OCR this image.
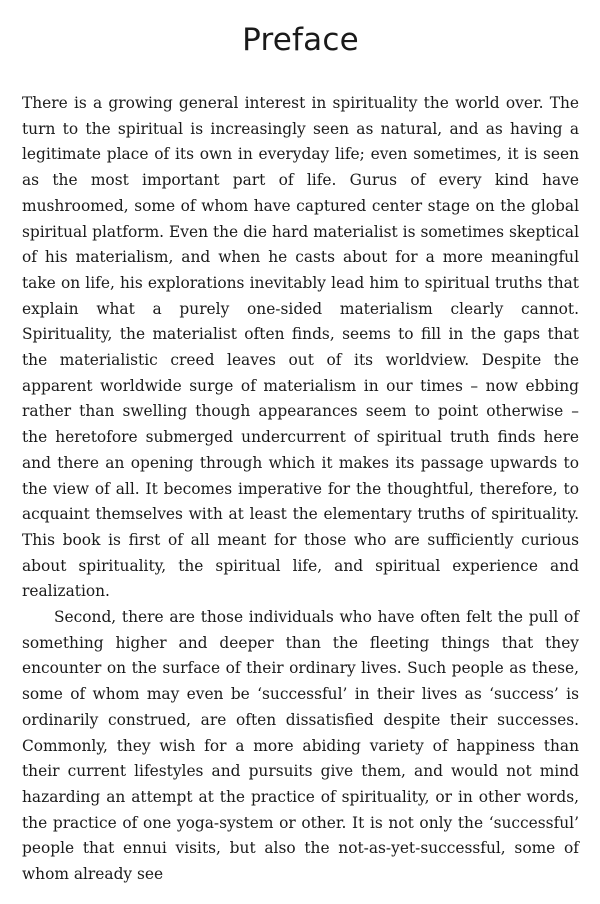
Preface

There is a growing general interest in spirituality the world over. The turn to the spiritual is increasingly seen as natural, and as having a legitimate place of its own in everyday life; even sometimes, it is seen as the most important part of life. Gurus of every kind have mushroomed, some of whom have captured center stage on the global spiritual platform. Even the die hard materialist is sometimes skeptical of his materialism, and when he casts about for a more meaningful take on life, his explorations inevitably lead him to spiritual truths that explain what a purely one-sided materialism clearly cannot. Spirituality, the materialist often finds, seems to fill in the gaps that the materialistic creed leaves out of its worldview. Despite the apparent worldwide surge of materialism in our times – now ebbing rather than swelling though appearances seem to point otherwise – the heretofore submerged undercurrent of spiritual truth finds here and there an opening through which it makes its passage upwards to the view of all. It becomes imperative for the thoughtful, therefore, to acquaint themselves with at least the elementary truths of spirituality. This book is first of all meant for those who are sufficiently curious about spirituality, the spiritual life, and spiritual experience and realization.

Second, there are those individuals who have often felt the pull of something higher and deeper than the fleeting things that they encounter on the surface of their ordinary lives. Such people as these, some of whom may even be ‘successful’ in their lives as ‘success’ is ordinarily construed, are often dissatisfied despite their successes. Commonly, they wish for a more abiding variety of happiness than their current lifestyles and pursuits give them, and would not mind hazarding an attempt at the practice of spirituality, or in other words, the practice of one yoga-system or other. It is not only the ‘successful’ people that ennui visits, but also the not-as-yet-successful, some of whom already see
